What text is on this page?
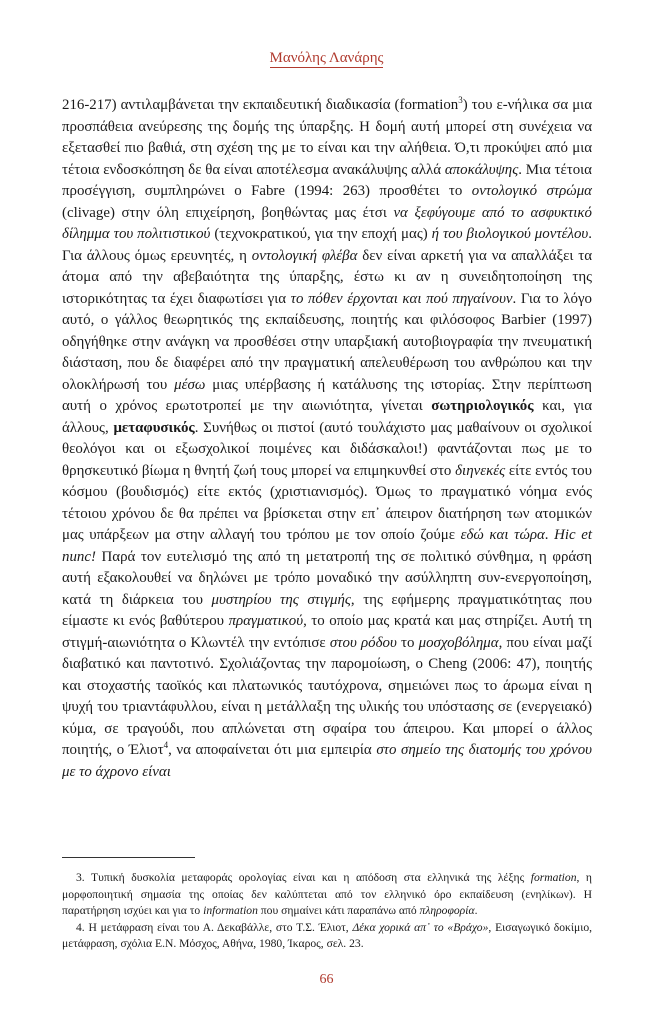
Μανόλης Λανάρης

216-217) αντιλαμβάνεται την εκπαιδευτική διαδικασία (formation$^3$) του ε-νήλικα σα μια προσπάθεια ανεύρεσης της δομής της ύπαρξης. Η δομή αυτή μπορεί στη συνέχεια να εξετασθεί πιο βαθιά, στη σχέση της με το είναι και την αλήθεια. Ό,τι προκύψει από μια τέτοια ενδοσκόπηση δε θα είναι αποτέλεσμα ανακάλυψης αλλά αποκάλυψης. Μια τέτοια προσέγγιση, συμπληρώνει ο Fabre (1994: 263) προσθέτει το οντολογικό στρώμα (clivage) στην όλη επιχείρηση, βοηθώντας μας έτσι να ξεφύγουμε από το ασφυκτικό δίλημμα του πολιτιστικού (τεχνοκρατικού, για την εποχή μας) ή του βιολογικού μοντέλου. Για άλλους όμως ερευνητές, η οντολογική φλέβα δεν είναι αρκετή για να απαλλάξει τα άτομα από την αβεβαιότητα της ύπαρξης, έστω κι αν η συνειδητοποίηση της ιστορικότητας τα έχει διαφωτίσει για το πόθεν έρχονται και πού πηγαίνουν. Για το λόγο αυτό, ο γάλλος θεωρητικός της εκπαίδευσης, ποιητής και φιλόσοφος Barbier (1997) οδηγήθηκε στην ανάγκη να προσθέσει στην υπαρξιακή αυτοβιογραφία την πνευματική διάσταση, που δε διαφέρει από την πραγματική απελευθέρωση του ανθρώπου και την ολοκλήρωσή του μέσω μιας υπέρβασης ή κατάλυσης της ιστορίας. Στην περίπτωση αυτή ο χρόνος ερωτοτροπεί με την αιωνιότητα, γίνεται σωτηριολογικός και, για άλλους, μεταφυσικός. Συνήθως οι πιστοί (αυτό τουλάχιστο μας μαθαίνουν οι σχολικοί θεολόγοι και οι εξωσχολικοί ποιμένες και διδάσκαλοι!) φαντάζονται πως με το θρησκευτικό βίωμα η θνητή ζωή τους μπορεί να επιμηκυνθεί στο διηνεκές είτε εντός του κόσμου (βουδισμός) είτε εκτός (χριστιανισμός). Όμως το πραγματικό νόημα ενός τέτοιου χρόνου δε θα πρέπει να βρίσκεται στην επ᾽ άπειρον διατήρηση των ατομικών μας υπάρξεων μα στην αλλαγή του τρόπου με τον οποίο ζούμε εδώ και τώρα. Hic et nunc! Παρά τον ευτελισμό της από τη μετατροπή της σε πολιτικό σύνθημα, η φράση αυτή εξακολουθεί να δηλώνει με τρόπο μοναδικό την ασύλληπτη συν-ενεργοποίηση, κατά τη διάρκεια του μυστηρίου της στιγμής, της εφήμερης πραγματικότητας που είμαστε κι ενός βαθύτερου πραγματικού, το οποίο μας κρατά και μας στηρίζει. Αυτή τη στιγμή-αιωνιότητα ο Κλωντέλ την εντόπισε στου ρόδου το μοσχοβόλημα, που είναι μαζί διαβατικό και παντοτινό. Σχολιάζοντας την παρομοίωση, ο Cheng (2006: 47), ποιητής και στοχαστής ταοϊκός και πλατωνικός ταυτόχρονα, σημειώνει πως το άρωμα είναι η ψυχή του τριαντάφυλλου, είναι η μετάλλαξη της υλικής του υπόστασης σε (ενεργειακό) κύμα, σε τραγούδι, που απλώνεται στη σφαίρα του άπειρου. Και μπορεί ο άλλος ποιητής, ο Έλιοτ$^4$, να αποφαίνεται ότι μια εμπειρία στο σημείο της διατομής του χρόνου με το άχρονο είναι

3. Τυπική δυσκολία μεταφοράς ορολογίας είναι και η απόδοση στα ελληνικά της λέξης formation, η μορφοποιητική σημασία της οποίας δεν καλύπτεται από τον ελληνικό όρο εκπαίδευση (ενηλίκων). Η παρατήρηση ισχύει και για το information που σημαίνει κάτι παραπάνω από πληροφορία.

4. Η μετάφραση είναι του Α. Δεκαβάλλε, στο Τ.Σ. Έλιοτ, Δέκα χορικά απ᾽ το «Βράχο», Εισαγωγικό δοκίμιο, μετάφραση, σχόλια Ε.Ν. Μόσχος, Αθήνα, 1980, Ίκαρος, σελ. 23.

66
